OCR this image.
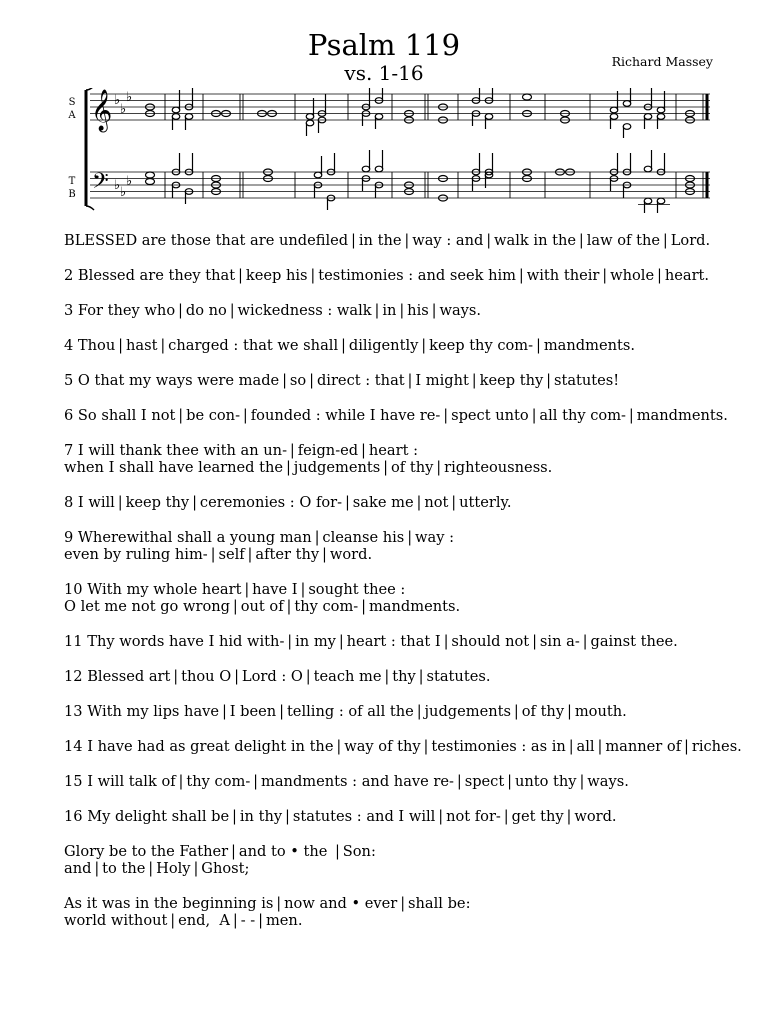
Psalm 119
vs. 1-16	Richard Massey
S
A
T
B
𝄞
𝄢
♭
♭
♭
♭ ♭
♭
BLESSED are those that are undefiled | in the | way : and | walk in the | law of the | Lord.
2 Blessed are they that | keep his | testimonies : and seek him | with their | whole | heart.
3 For they who | do no | wickedness : walk | in | his | ways.
4 Thou | hast | charged : that we shall | diligently | keep thy com- | mandments.
5 O that my ways were made | so | direct : that | I might | keep thy | statutes!
6 So shall I not | be con- | founded : while I have re- | spect unto | all thy com- | mandments.
7 I will thank thee with an un- | feign-ed | heart :
when I shall have learned the | judgements | of thy | righteousness.
8 I will | keep thy | ceremonies : O for- | sake me | not | utterly.
9 Wherewithal shall a young man | cleanse his | way :
even by ruling him- | self | after thy | word.
10 With my whole heart | have I | sought thee :
O let me not go wrong | out of | thy com- | mandments.
11 Thy words have I hid with- | in my | heart : that I | should not | sin a- | gainst thee.
12 Blessed art | thou O | Lord : O | teach me | thy | statutes.
13 With my lips have | I been | telling : of all the | judgements | of thy | mouth.
14 I have had as great delight in the | way of thy | testimonies : as in | all | manner of | riches.
15 I will talk of | thy com- | mandments : and have re- | spect | unto thy | ways.
16 My delight shall be | in thy | statutes : and I will | not for- | get thy | word.
Glory be to the Father | and to • the  | Son:
and | to the | Holy | Ghost;
As it was in the beginning is | now and • ever | shall be:
world without | end,  A | - - | men.
